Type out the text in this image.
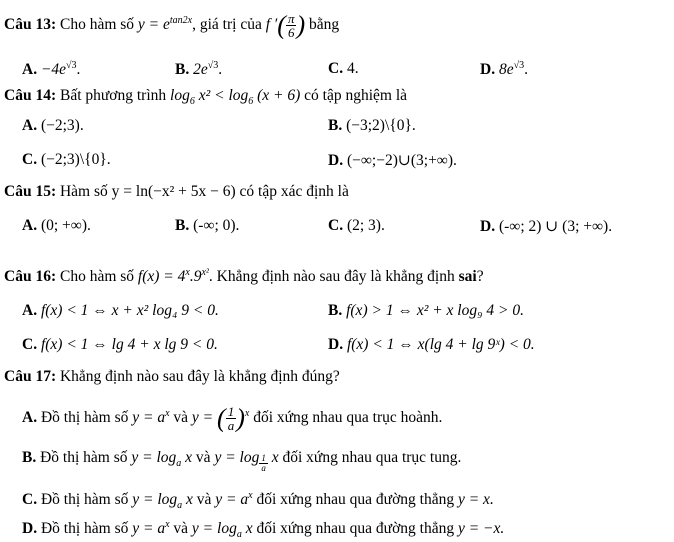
Câu 13: Cho hàm số $y = e^{tan2x}$, giá trị của f ′( $\frac{\pi}{6}$ ) bằng
A. $-4e^{√3}$.	B. $2e^{√3}$.	C. 4.	D. $8e^{√3}$.
Câu 14: Bất phương trình $\log_6 x^2 < \log_6 (x + 6)$ có tập nghiệm là
A. (−2;3).	B. (−3;2)\{0}.
C. (−2;3)\{0}.	D. (−∞;−2)∪(3;+∞).
Câu 15: Hàm số y = ln(−x² + 5x − 6) có tập xác định là
A. (0; +∞).	B. (-∞; 0).	C. (2; 3).	D. (-∞; 2) ∪ (3; +∞).
Câu 16: Cho hàm số $f(x) = 4^x.9^{x^2}$. Khẳng định nào sau đây là khẳng định sai?
A. f(x) < 1 ⇔ x + x² log₄ 9 < 0.	B. f(x) > 1 ⇔ x² + x log₉ 4 > 0.
C. f(x) < 1 ⇔ lg 4 + x lg 9 < 0.	D. f(x) < 1 ⇔ x(lg 4 + lg 9ˣ) < 0.
Câu 17: Khẳng định nào sau đây là khẳng định đúng?
A. Đồ thị hàm số $y = a^x$ và y = ( $\frac{1}{a} )^x$ đối xứng nhau qua trục hoành.
B. Đồ thị hàm số $y = \log_a x$ và y = log $_{\frac{1}{a}}$ x đối xứng nhau qua trục tung.
C. Đồ thị hàm số $y = \log_a x$ và $y = a^x$ đối xứng nhau qua đường thẳng y = x.
D. Đồ thị hàm số $y = a^x$ và $y = \log_a x$ đối xứng nhau qua đường thẳng y = −x.
